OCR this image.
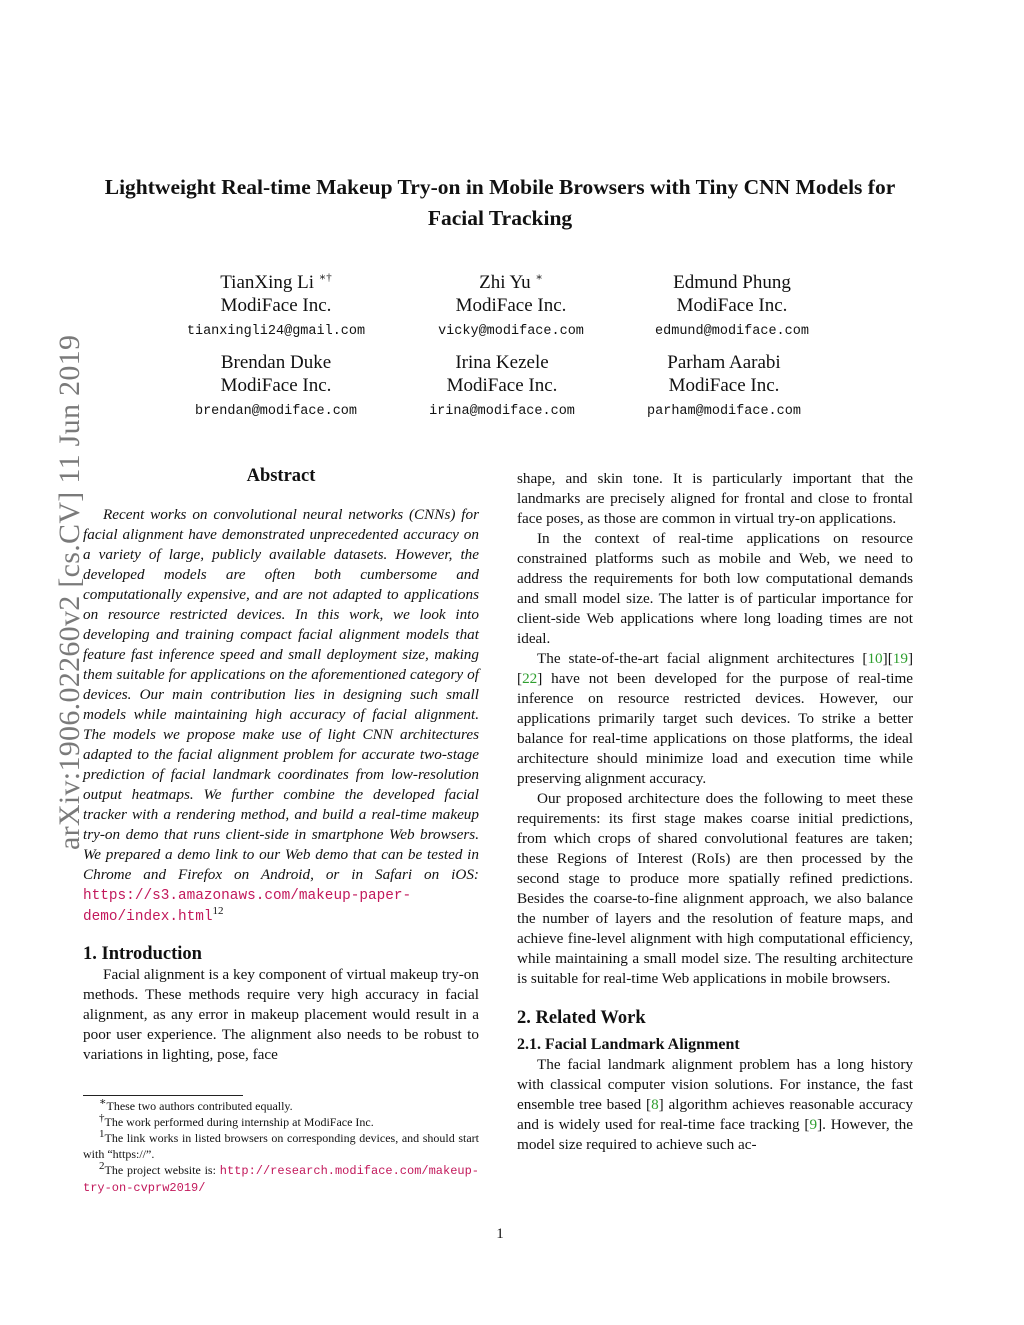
arXiv:1906.02260v2 [cs.CV] 11 Jun 2019
Lightweight Real-time Makeup Try-on in Mobile Browsers with Tiny CNN Models for Facial Tracking
TianXing Li ∗†
ModiFace Inc.
tianxingli24@gmail.com
Zhi Yu ∗
ModiFace Inc.
vicky@modiface.com
Edmund Phung
ModiFace Inc.
edmund@modiface.com
Brendan Duke
ModiFace Inc.
brendan@modiface.com
Irina Kezele
ModiFace Inc.
irina@modiface.com
Parham Aarabi
ModiFace Inc.
parham@modiface.com
Abstract

Recent works on convolutional neural networks (CNNs) for facial alignment have demonstrated unprecedented accuracy on a variety of large, publicly available datasets. However, the developed models are often both cumbersome and computationally expensive, and are not adapted to applications on resource restricted devices. In this work, we look into developing and training compact facial alignment models that feature fast inference speed and small deployment size, making them suitable for applications on the aforementioned category of devices. Our main contribution lies in designing such small models while maintaining high accuracy of facial alignment. The models we propose make use of light CNN architectures adapted to the facial alignment problem for accurate two-stage prediction of facial landmark coordinates from low-resolution output heatmaps. We further combine the developed facial tracker with a rendering method, and build a real-time makeup try-on demo that runs client-side in smartphone Web browsers. We prepared a demo link to our Web demo that can be tested in Chrome and Firefox on Android, or in Safari on iOS: https://s3.amazonaws.com/makeup-paper-demo/index.html$^{12}$

1. Introduction

Facial alignment is a key component of virtual makeup try-on methods. These methods require very high accuracy in facial alignment, as any error in makeup placement would result in a poor user experience. The alignment also needs to be robust to variations in lighting, pose, face

∗These two authors contributed equally.

†The work performed during internship at ModiFace Inc.

$^1$The link works in listed browsers on corresponding devices, and should start with “https://”.

$^2$The project website is: http://research.modiface.com/makeup-try-on-cvprw2019/

shape, and skin tone. It is particularly important that the landmarks are precisely aligned for frontal and close to frontal face poses, as those are common in virtual try-on applications.

In the context of real-time applications on resource constrained platforms such as mobile and Web, we need to address the requirements for both low computational demands and small model size. The latter is of particular importance for client-side Web applications where long loading times are not ideal.

The state-of-the-art facial alignment architectures [10][19][22] have not been developed for the purpose of real-time inference on resource restricted devices. However, our applications primarily target such devices. To strike a better balance for real-time applications on those platforms, the ideal architecture should minimize load and execution time while preserving alignment accuracy.

Our proposed architecture does the following to meet these requirements: its first stage makes coarse initial predictions, from which crops of shared convolutional features are taken; these Regions of Interest (RoIs) are then processed by the second stage to produce more spatially refined predictions. Besides the coarse-to-fine alignment approach, we also balance the number of layers and the resolution of feature maps, and achieve fine-level alignment with high computational efficiency, while maintaining a small model size. The resulting architecture is suitable for real-time Web applications in mobile browsers.

2. Related Work
2.1. Facial Landmark Alignment

The facial landmark alignment problem has a long history with classical computer vision solutions. For instance, the fast ensemble tree based [8] algorithm achieves reasonable accuracy and is widely used for real-time face tracking [9]. However, the model size required to achieve such ac-

1
